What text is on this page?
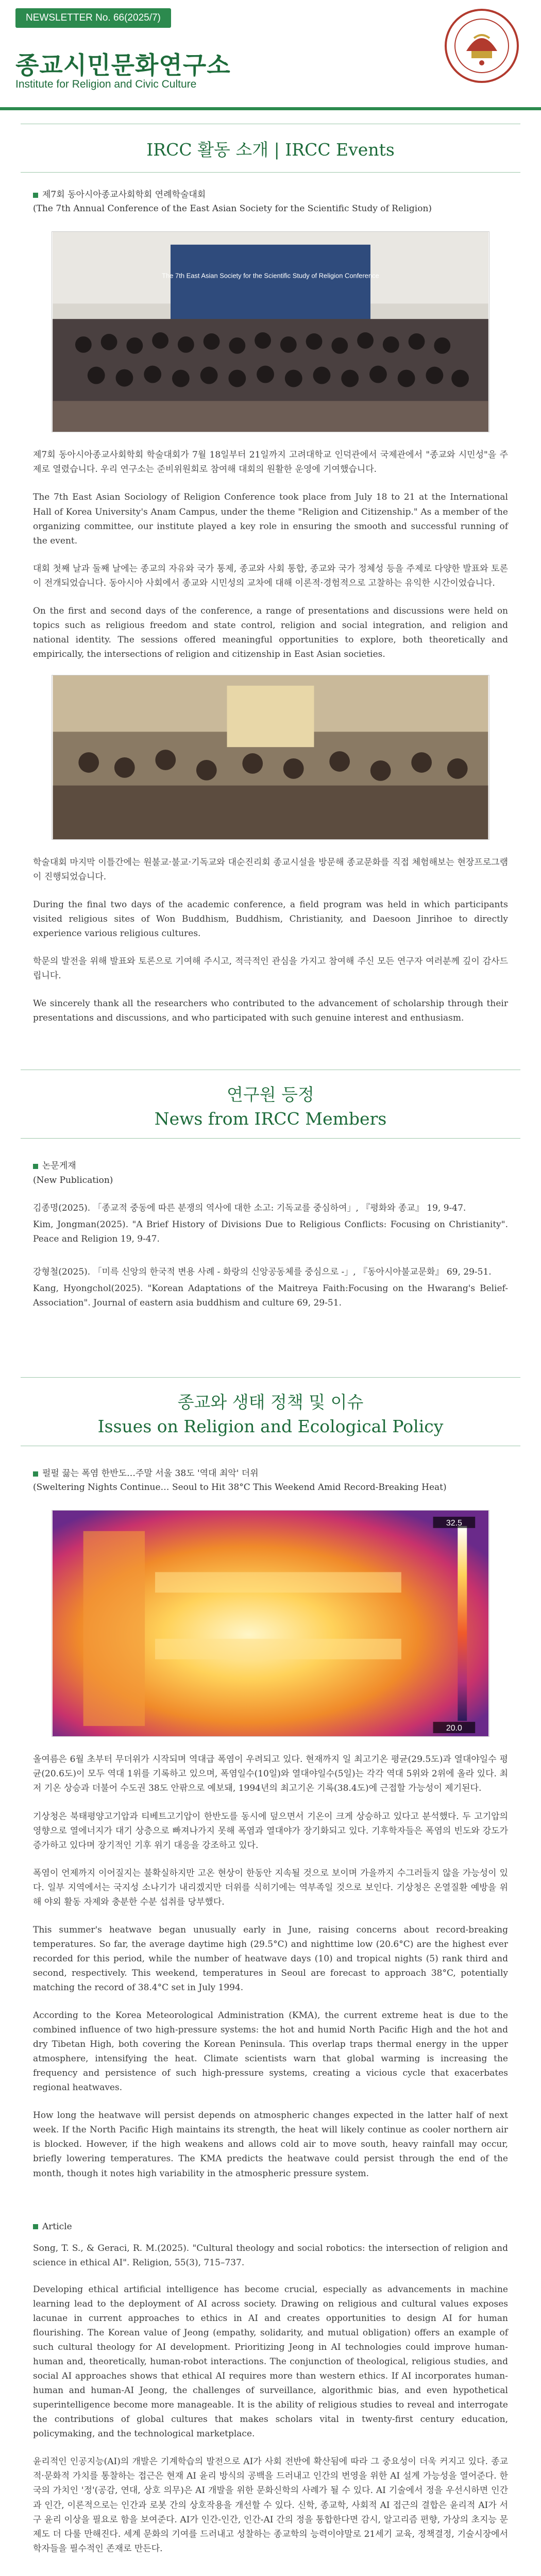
NEWSLETTER No. 66(2025/7)
종교시민문화연구소
Institute for Religion and Civic Culture
IRCC 활동 소개 | IRCC Events
제7회 동아시아종교사회학회 연례학술대회
(The 7th Annual Conference of the East Asian Society for the Scientific Study of Religion)
The 7th East Asian Society for the Scientific Study of Religion Conference

제7회 동아시아종교사회학회 학술대회가 7월 18일부터 21일까지 고려대학교 인덕관에서 국제관에서 "종교와 시민성"을 주제로 열렸습니다. 우리 연구소는 준비위원회로 참여해 대회의 원활한 운영에 기여했습니다.

The 7th East Asian Sociology of Religion Conference took place from July 18 to 21 at the International Hall of Korea University's Anam Campus, under the theme "Religion and Citizenship." As a member of the organizing committee, our institute played a key role in ensuring the smooth and successful running of the event.

대회 첫째 날과 둘째 날에는 종교의 자유와 국가 통제, 종교와 사회 통합, 종교와 국가 정체성 등을 주제로 다양한 발표와 토론이 전개되었습니다. 동아시아 사회에서 종교와 시민성의 교차에 대해 이론적·경험적으로 고찰하는 유익한 시간이었습니다.

On the first and second days of the conference, a range of presentations and discussions were held on topics such as religious freedom and state control, religion and social integration, and religion and national identity. The sessions offered meaningful opportunities to explore, both theoretically and empirically, the intersections of religion and citizenship in East Asian societies.

학술대회 마지막 이틀간에는 원불교·불교·기독교와 대순진리회 종교시설을 방문해 종교문화를 직접 체험해보는 현장프로그램이 진행되었습니다.

During the final two days of the academic conference, a field program was held in which participants visited religious sites of Won Buddhism, Buddhism, Christianity, and Daesoon Jinrihoe to directly experience various religious cultures.

학문의 발전을 위해 발표와 토론으로 기여해 주시고, 적극적인 관심을 가지고 참여해 주신 모든 연구자 여러분께 깊이 감사드립니다.

We sincerely thank all the researchers who contributed to the advancement of scholarship through their presentations and discussions, and who participated with such genuine interest and enthusiasm.

연구원 등정
News from IRCC Members
논문게재
(New Publication)

김종명(2025). 「종교적 중동에 따른 분쟁의 역사에 대한 소고: 기독교를 중심하여」, 『평화와 종교』 19, 9-47.

Kim, Jongman(2025). "A Brief History of Divisions Due to Religious Conflicts: Focusing on Christianity". Peace and Religion 19, 9-47.

강형철(2025). 「미륵 신앙의 한국적 변용 사례 - 화랑의 신앙공동체를 중심으로 -」, 『동아시아불교문화』 69, 29-51.

Kang, Hyongchol(2025). "Korean Adaptations of the Maitreya Faith:Focusing on the Hwarang's Belief-Association". Journal of eastern asia buddhism and culture 69, 29-51.

종교와 생태 정책 및 이슈
Issues on Religion and Ecological Policy
펄펄 끓는 폭염 한반도…주말 서울 38도 '역대 최악' 더위
(Sweltering Nights Continue… Seoul to Hit 38°C This Weekend Amid Record-Breaking Heat)
32.5
20.0

올여름은 6월 초부터 무더위가 시작되며 역대급 폭염이 우려되고 있다. 현재까지 일 최고기온 평균(29.5도)과 열대야일수 평균(20.6도)이 모두 역대 1위를 기록하고 있으며, 폭염일수(10일)와 열대야일수(5일)는 각각 역대 5위와 2위에 올라 있다. 최저 기온 상승과 더불어 수도권 38도 안팎으로 예보돼, 1994년의 최고기온 기록(38.4도)에 근접할 가능성이 제기된다.

기상청은 북태평양고기압과 티베트고기압이 한반도를 동시에 덮으면서 기온이 크게 상승하고 있다고 분석했다. 두 고기압의 영향으로 열에너지가 대기 상층으로 빠져나가지 못해 폭염과 열대야가 장기화되고 있다. 기후학자들은 폭염의 빈도와 강도가 증가하고 있다며 장기적인 기후 위기 대응을 강조하고 있다.

폭염이 언제까지 이어질지는 불확실하지만 고온 현상이 한동안 지속될 것으로 보이며 가을까지 수그러들지 않을 가능성이 있다. 일부 지역에서는 국지성 소나기가 내리겠지만 더위를 식히기에는 역부족일 것으로 보인다. 기상청은 온열질환 예방을 위해 야외 활동 자제와 충분한 수분 섭취를 당부했다.

This summer's heatwave began unusually early in June, raising concerns about record-breaking temperatures. So far, the average daytime high (29.5°C) and nighttime low (20.6°C) are the highest ever recorded for this period, while the number of heatwave days (10) and tropical nights (5) rank third and second, respectively. This weekend, temperatures in Seoul are forecast to approach 38°C, potentially matching the record of 38.4°C set in July 1994.

According to the Korea Meteorological Administration (KMA), the current extreme heat is due to the combined influence of two high-pressure systems: the hot and humid North Pacific High and the hot and dry Tibetan High, both covering the Korean Peninsula. This overlap traps thermal energy in the upper atmosphere, intensifying the heat. Climate scientists warn that global warming is increasing the frequency and persistence of such high-pressure systems, creating a vicious cycle that exacerbates regional heatwaves.

How long the heatwave will persist depends on atmospheric changes expected in the latter half of next week. If the North Pacific High maintains its strength, the heat will likely continue as cooler northern air is blocked. However, if the high weakens and allows cold air to move south, heavy rainfall may occur, briefly lowering temperatures. The KMA predicts the heatwave could persist through the end of the month, though it notes high variability in the atmospheric pressure system.

Article

Song, T. S., & Geraci, R. M.(2025). "Cultural theology and social robotics: the intersection of religion and science in ethical AI". Religion, 55(3), 715–737.

Developing ethical artificial intelligence has become crucial, especially as advancements in machine learning lead to the deployment of AI across society. Drawing on religious and cultural values exposes lacunae in current approaches to ethics in AI and creates opportunities to design AI for human flourishing. The Korean value of Jeong (empathy, solidarity, and mutual obligation) offers an example of such cultural theology for AI development. Prioritizing Jeong in AI technologies could improve human-human and, theoretically, human-robot interactions. The conjunction of theological, religious studies, and social AI approaches shows that ethical AI requires more than western ethics. If AI incorporates human-human and human-AI Jeong, the challenges of surveillance, algorithmic bias, and even hypothetical superintelligence become more manageable. It is the ability of religious studies to reveal and interrogate the contributions of global cultures that makes scholars vital in twenty-first century education, policymaking, and the technological marketplace.

윤리적인 인공지능(AI)의 개발은 기계학습의 발전으로 AI가 사회 전반에 확산됨에 따라 그 중요성이 더욱 커지고 있다. 종교적·문화적 가치를 통찰하는 접근은 현재 AI 윤리 방식의 공백을 드러내고 인간의 번영을 위한 AI 설계 가능성을 열어준다. 한국의 가치인 '정'(공감, 연대, 상호 의무)은 AI 개발을 위한 문화신학의 사례가 될 수 있다. AI 기술에서 정을 우선시하면 인간과 인간, 이론적으로는 인간과 로봇 간의 상호작용을 개선할 수 있다. 신학, 종교학, 사회적 AI 접근의 결합은 윤리적 AI가 서구 윤리 이상을 필요로 함을 보여준다. AI가 인간-인간, 인간-AI 간의 정을 통합한다면 감시, 알고리즘 편향, 가상의 초지능 문제도 더 다룰 만해진다. 세계 문화의 기여를 드러내고 성찰하는 종교학의 능력이야말로 21세기 교육, 정책결정, 기술시장에서 학자들을 필수적인 존재로 만든다.
